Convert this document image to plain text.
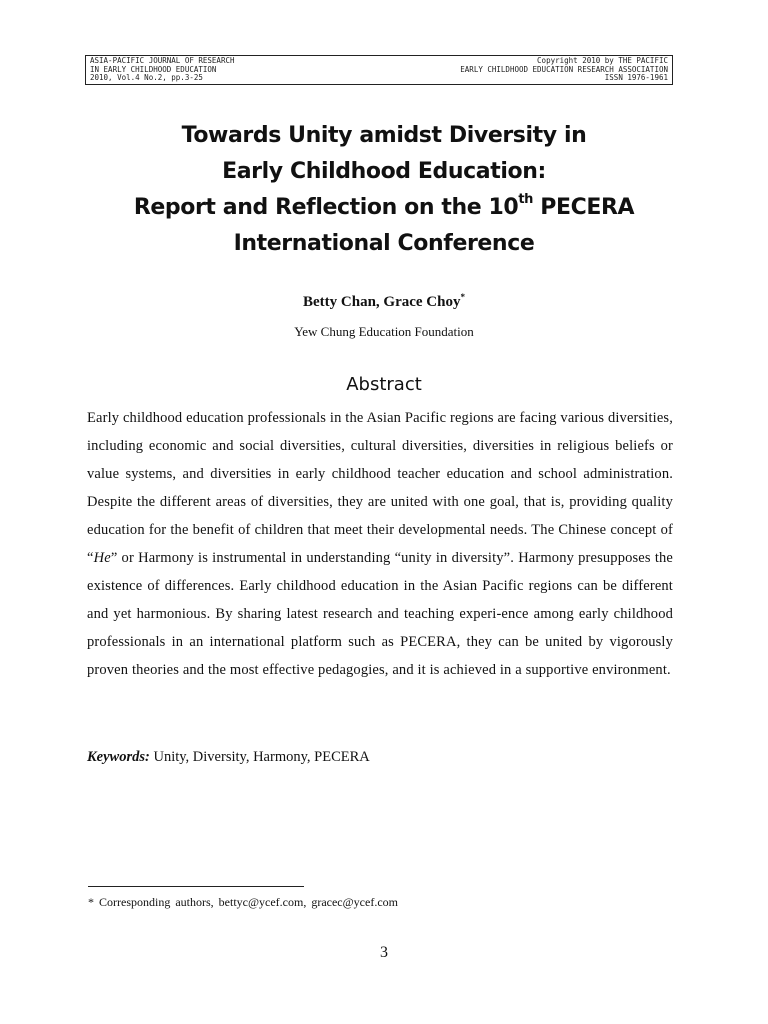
ASIA-PACIFIC JOURNAL OF RESEARCH
IN EARLY CHILDHOOD EDUCATION
2010, Vol.4 No.2, pp.3-25
Copyright 2010 by THE PACIFIC
EARLY CHILDHOOD EDUCATION RESEARCH ASSOCIATION
ISSN 1976-1961
Towards Unity amidst Diversity in
Early Childhood Education:
Report and Reflection on the 10th PECERA
International Conference
Betty Chan, Grace Choy*
Yew Chung Education Foundation
Abstract

Early childhood education professionals in the Asian Pacific regions are facing various diversities, including economic and social diversities, cultural diversities, diversities in religious beliefs or value systems, and diversities in early childhood teacher education and school administration. Despite the different areas of diversities, they are united with one goal, that is, providing quality education for the benefit of children that meet their developmental needs. The Chinese concept of “He” or Harmony is instrumental in understanding “unity in diversity”. Harmony presupposes the existence of differences. Early childhood education in the Asian Pacific regions can be different and yet harmonious. By sharing latest research and teaching experi-ence among early childhood professionals in an international platform such as PECERA, they can be united by vigorously proven theories and the most effective pedagogies, and it is achieved in a supportive environment.

Keywords: Unity, Diversity, Harmony, PECERA
* Corresponding authors, bettyc@ycef.com, gracec@ycef.com
3
